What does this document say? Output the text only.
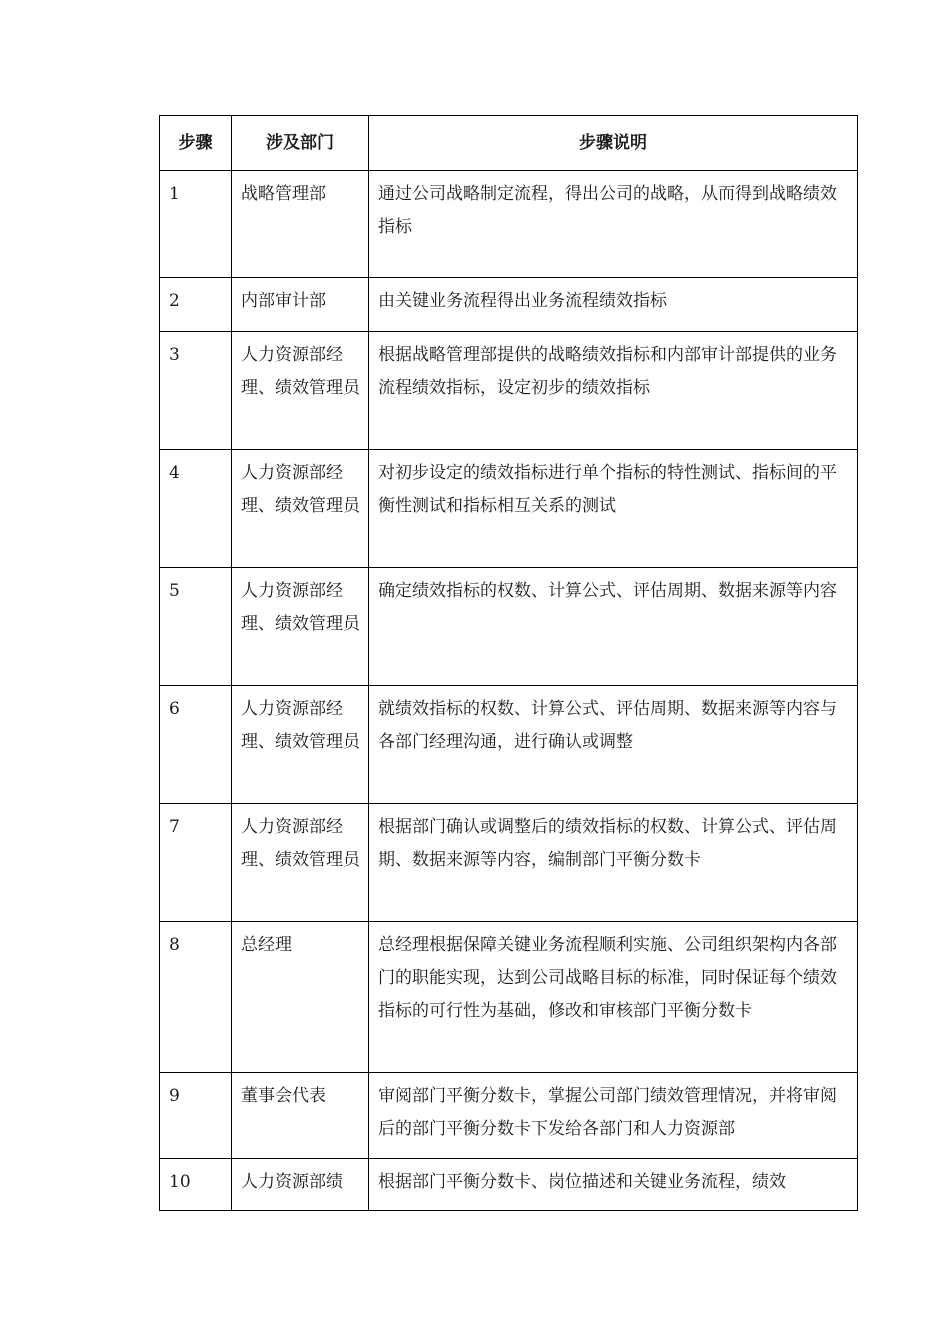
步骤	涉及部门	步骤说明
1	战略管理部	通过公司战略制定流程，得出公司的战略，从而得到战略绩效指标
2	内部审计部	由关键业务流程得出业务流程绩效指标
3	人力资源部经理、绩效管理员	根据战略管理部提供的战略绩效指标和内部审计部提供的业务流程绩效指标，设定初步的绩效指标
4	人力资源部经理、绩效管理员	对初步设定的绩效指标进行单个指标的特性测试、指标间的平衡性测试和指标相互关系的测试
5	人力资源部经理、绩效管理员	确定绩效指标的权数、计算公式、评估周期、数据来源等内容
6	人力资源部经理、绩效管理员	就绩效指标的权数、计算公式、评估周期、数据来源等内容与各部门经理沟通，进行确认或调整
7	人力资源部经理、绩效管理员	根据部门确认或调整后的绩效指标的权数、计算公式、评估周期、数据来源等内容，编制部门平衡分数卡
8	总经理	总经理根据保障关键业务流程顺利实施、公司组织架构内各部门的职能实现，达到公司战略目标的标准，同时保证每个绩效指标的可行性为基础，修改和审核部门平衡分数卡
9	董事会代表	审阅部门平衡分数卡，掌握公司部门绩效管理情况，并将审阅后的部门平衡分数卡下发给各部门和人力资源部
10	人力资源部绩	根据部门平衡分数卡、岗位描述和关键业务流程，绩效
